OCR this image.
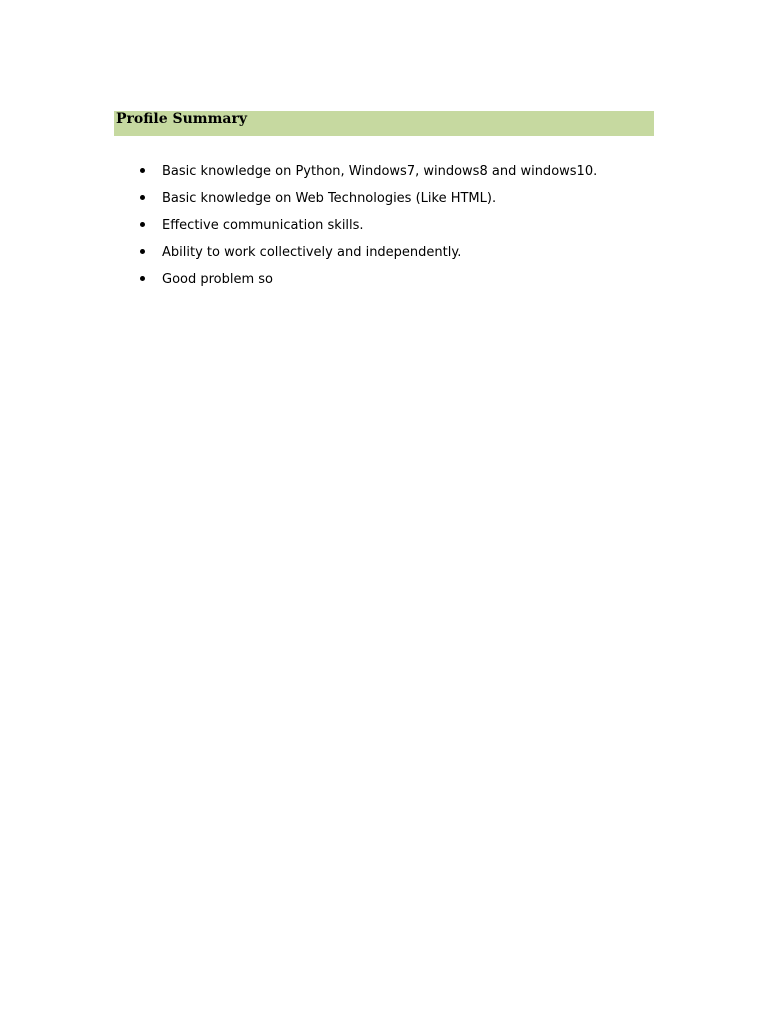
Profile Summary
Basic knowledge on Python, Windows7, windows8 and windows10.
Basic knowledge on Web Technologies (Like HTML).
Effective communication skills.
Ability to work collectively and independently.
Good problem so
